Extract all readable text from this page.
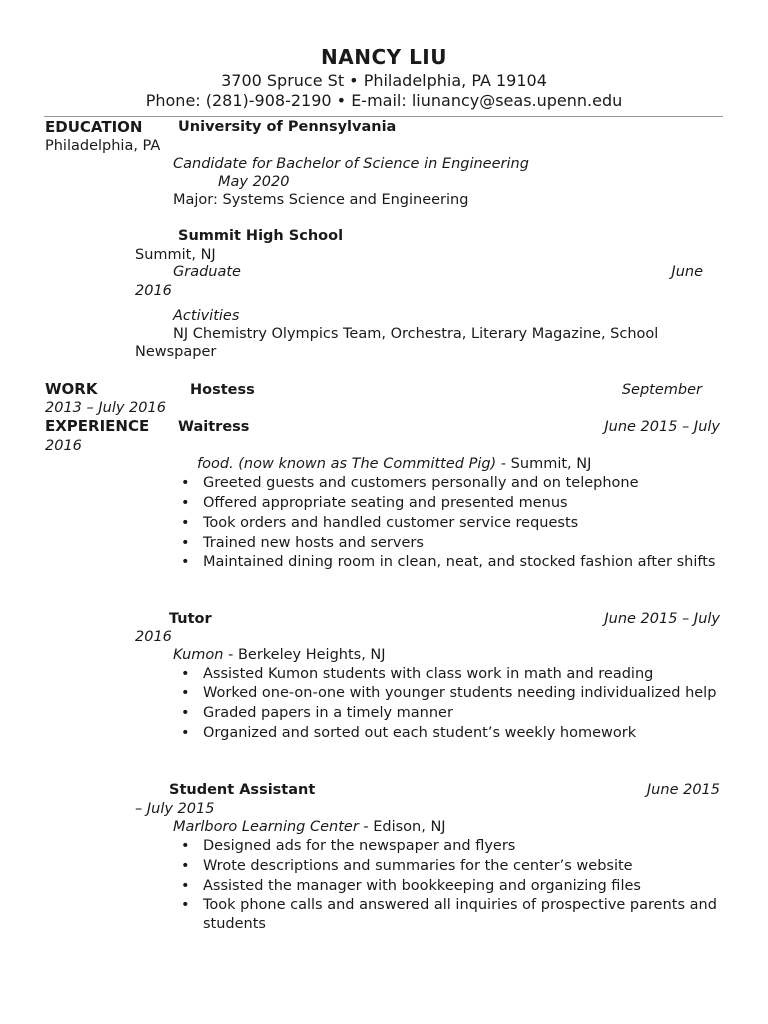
NANCY LIU
3700 Spruce St • Philadelphia, PA 19104
Phone: (281)-908-2190 • E-mail: liunancy@seas.upenn.edu
EDUCATION University of Pennsylvania
Philadelphia, PA
Candidate for Bachelor of Science in Engineering
May 2020
Major: Systems Science and Engineering
Summit High School
Summit, NJ
Graduate	June
2016
Activities
NJ Chemistry Olympics Team, Orchestra, Literary Magazine, School
Newspaper
WORK	Hostess	September
2013 – July 2016
EXPERIENCE Waitress	June 2015 – July
2016
food. (now known as The Committed Pig) - Summit, NJ
• Greeted guests and customers personally and on telephone
• Offered appropriate seating and presented menus
• Took orders and handled customer service requests
• Trained new hosts and servers
• Maintained dining room in clean, neat, and stocked fashion after shifts
Tutor	June 2015 – July
2016
Kumon - Berkeley Heights, NJ
• Assisted Kumon students with class work in math and reading
• Worked one-on-one with younger students needing individualized help
• Graded papers in a timely manner
• Organized and sorted out each student’s weekly homework
Student Assistant	June 2015
– July 2015
Marlboro Learning Center - Edison, NJ
• Designed ads for the newspaper and flyers
• Wrote descriptions and summaries for the center’s website
• Assisted the manager with bookkeeping and organizing files
• Took phone calls and answered all inquiries of prospective parents and students
